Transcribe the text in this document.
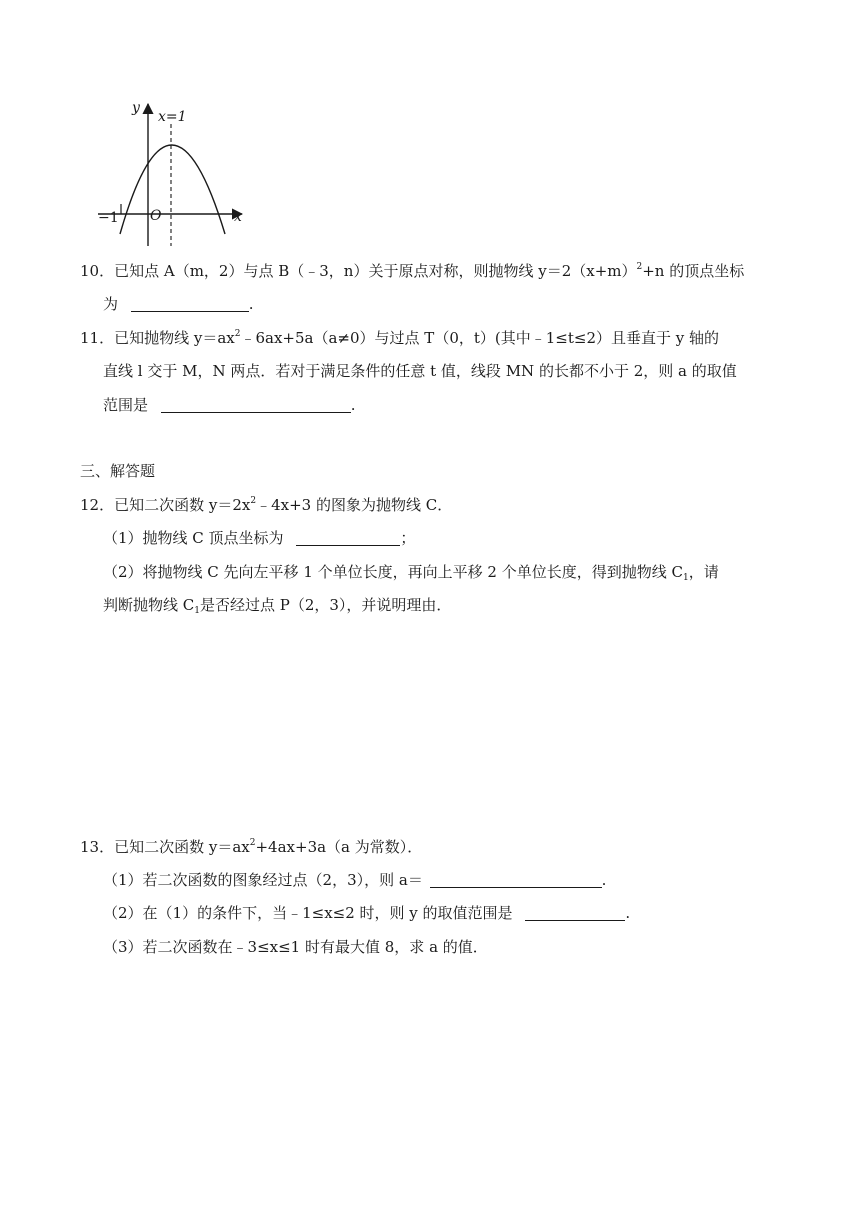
y
x
x=1
O
−1
10．已知点 A（m，2）与点 B（﹣3，n）关于原点对称，则抛物线 $y=2(x+m)^2+n$ 的顶点坐标
为	.
11．已知抛物线 $y=ax^2﹣6ax+5a(a\ne 0)$与过点 T（0，t）(其中﹣1≤t≤2）且垂直于 y 轴的
直线 l 交于 M，N 两点．若对于满足条件的任意 t 值，线段 MN 的长都不小于 2，则 a 的取值
范围是	.
三、解答题
12．已知二次函数 $y=2x^2﹣4x+3$ 的图象为抛物线 C．
（1）抛物线 C 顶点坐标为	；
（2）将抛物线 C 先向左平移 1 个单位长度，再向上平移 2 个单位长度，得到抛物线 $C_1$，请
判断抛物线 $C_1$是否经过点 P（2，3），并说明理由．
13．已知二次函数 $y=ax^2+4ax+3a(a$ 为常数）．
（1）若二次函数的图象经过点（2，3），则 a＝	.
（2）在（1）的条件下，当﹣1≤x≤2 时，则 y 的取值范围是	.
（3）若二次函数在﹣3≤x≤1 时有最大值 8，求 a 的值．
